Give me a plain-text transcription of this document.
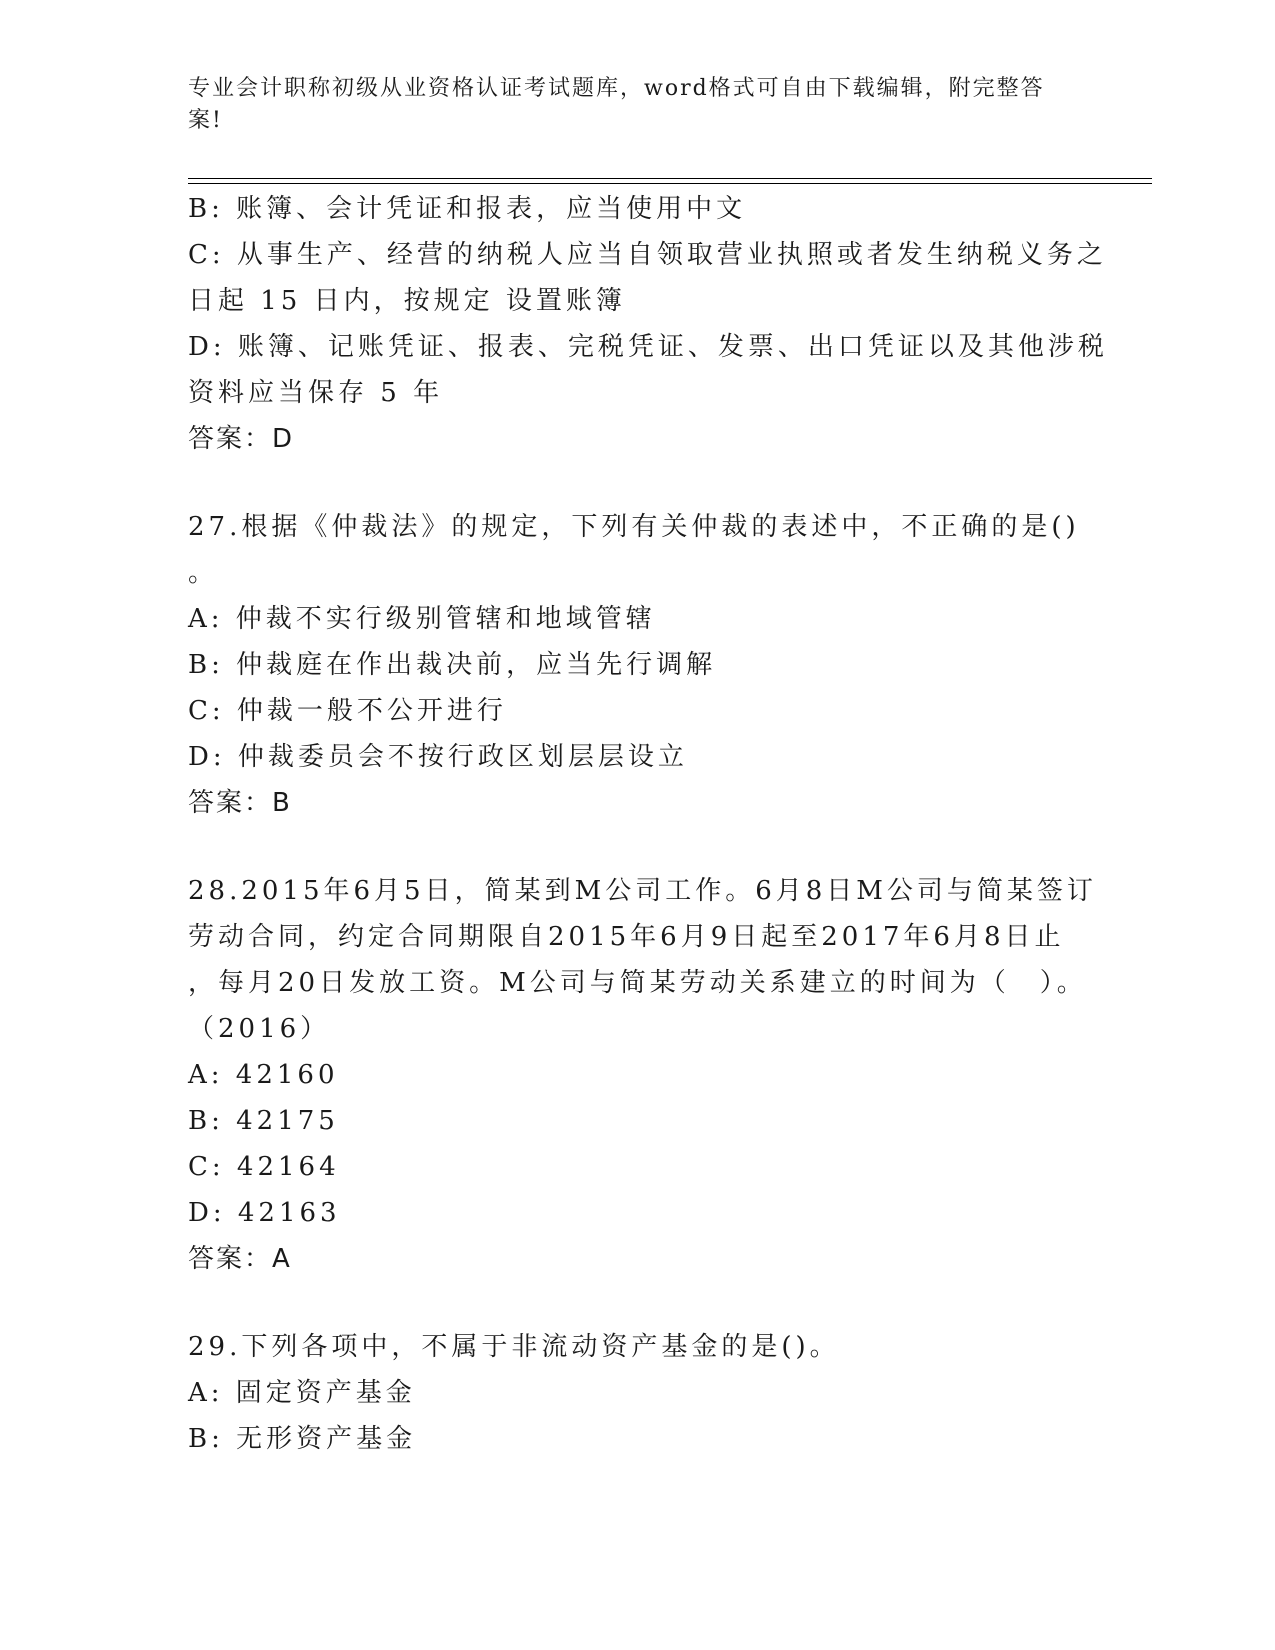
专业会计职称初级从业资格认证考试题库，word格式可自由下载编辑，附完整答
案!

B: 账簿、会计凭证和报表，应当使用中文
C: 从事生产、经营的纳税人应当自领取营业执照或者发生纳税义务之
日起 15 日内，按规定 设置账簿
D: 账簿、记账凭证、报表、完税凭证、发票、出口凭证以及其他涉税
资料应当保存 5 年
答案：D
27.根据《仲裁法》的规定，下列有关仲裁的表述中，不正确的是()
。
A: 仲裁不实行级别管辖和地域管辖
B: 仲裁庭在作出裁决前，应当先行调解
C: 仲裁一般不公开进行
D: 仲裁委员会不按行政区划层层设立
答案：B
28.2015年6月5日，简某到M公司工作。6月8日M公司与简某签订
劳动合同，约定合同期限自2015年6月9日起至2017年6月8日止
，每月20日发放工资。M公司与简某劳动关系建立的时间为（　）。
（2016）
A: 42160
B: 42175
C: 42164
D: 42163
答案：A
29.下列各项中，不属于非流动资产基金的是()。
A: 固定资产基金
B: 无形资产基金
